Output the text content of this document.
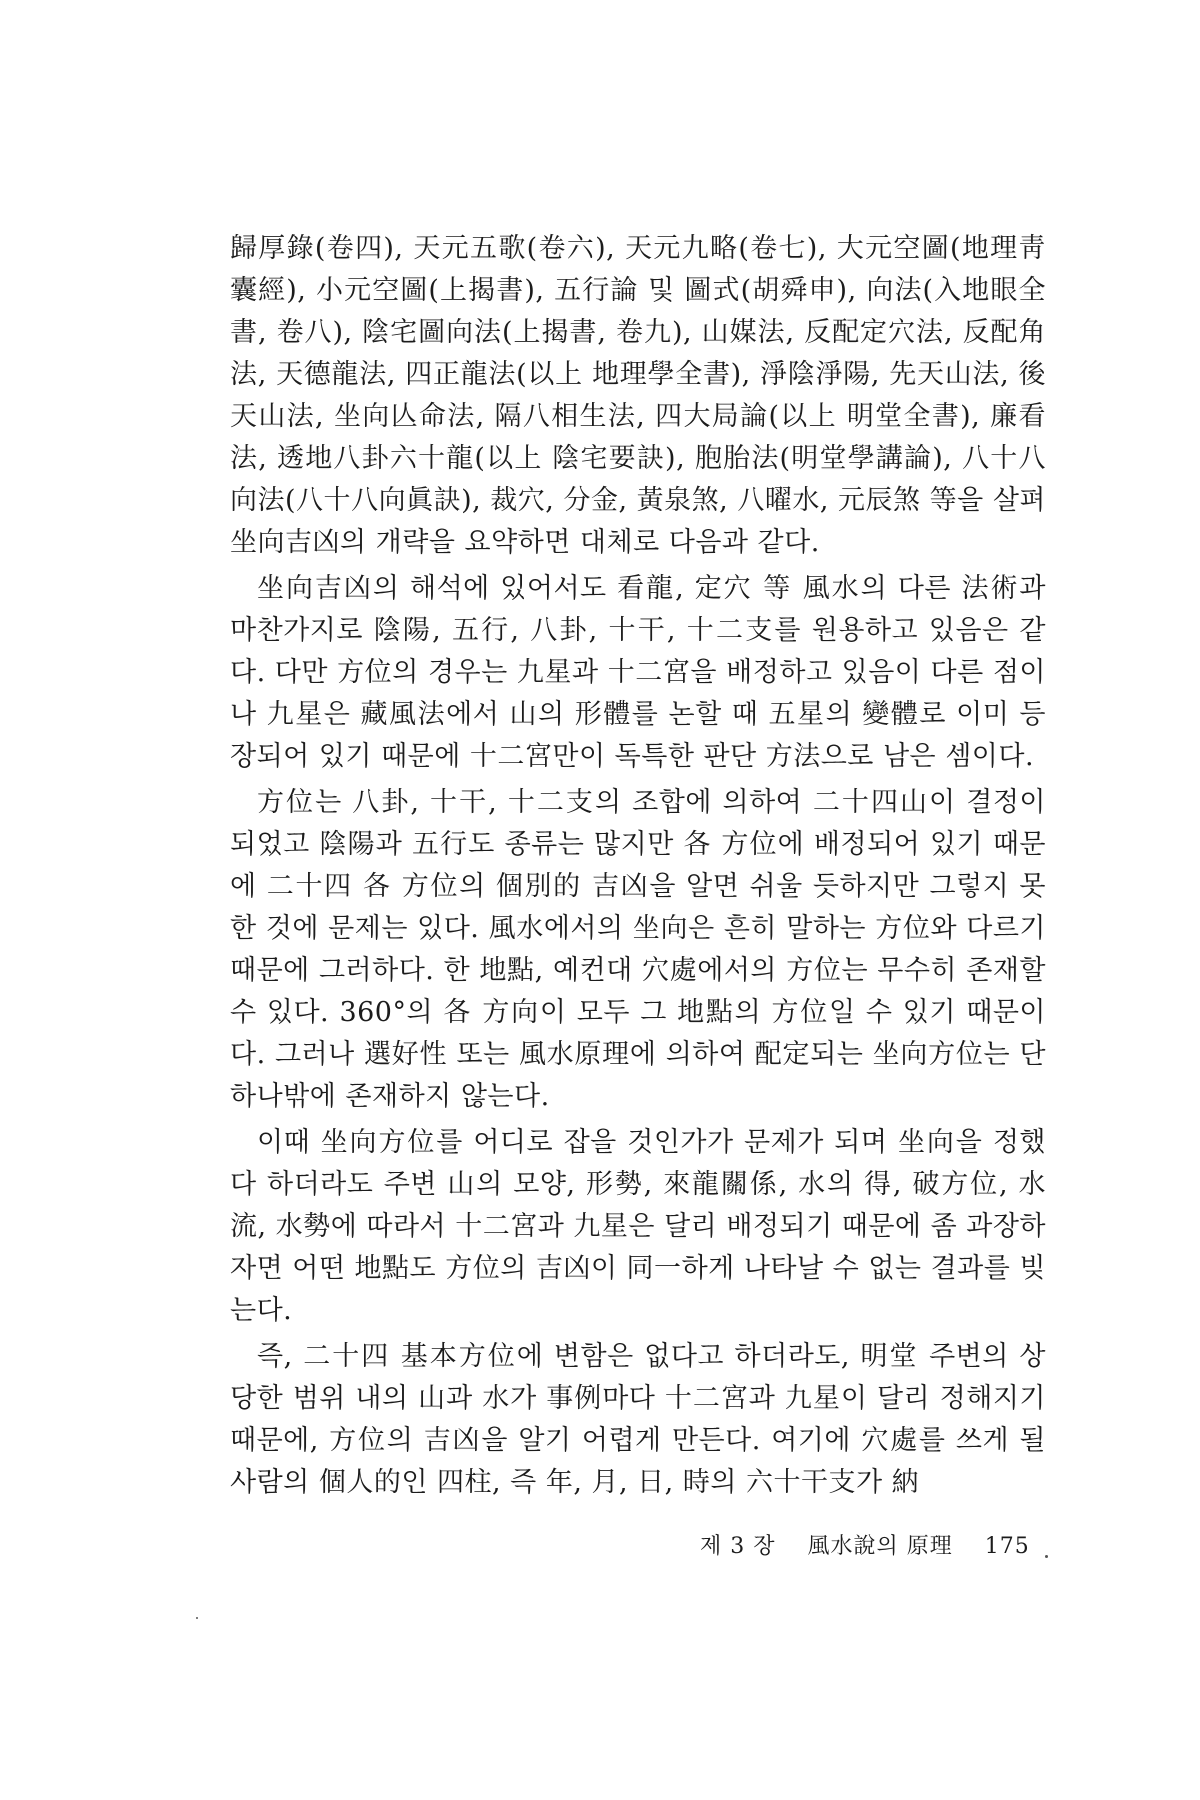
歸厚錄(卷四), 天元五歌(卷六), 天元九略(卷七), 大元空圖(地理靑囊經), 小元空圖(上揭書), 五行論 및 圖式(胡舜申), 向法(入地眼全書, 卷八), 陰宅圖向法(上揭書, 卷九), 山媒法, 反配定穴法, 反配角法, 天德龍法, 四正龍法(以上 地理學全書), 淨陰淨陽, 先天山法, 後天山法, 坐向亾命法, 隔八相生法, 四大局論(以上 明堂全書), 廉看法, 透地八卦六十龍(以上 陰宅要訣), 胞胎法(明堂學講論), 八十八向法(八十八向眞訣), 裁穴, 分金, 黃泉煞, 八曜水, 元辰煞 等을 살펴 坐向吉凶의 개략을 요약하면 대체로 다음과 같다.

坐向吉凶의 해석에 있어서도 看龍, 定穴 等 風水의 다른 法術과 마찬가지로 陰陽, 五行, 八卦, 十干, 十二支를 원용하고 있음은 같다. 다만 方位의 경우는 九星과 十二宮을 배정하고 있음이 다른 점이나 九星은 藏風法에서 山의 形體를 논할 때 五星의 變體로 이미 등장되어 있기 때문에 十二宮만이 독특한 판단 方法으로 남은 셈이다.

方位는 八卦, 十干, 十二支의 조합에 의하여 二十四山이 결정이 되었고 陰陽과 五行도 종류는 많지만 各 方位에 배정되어 있기 때문에 二十四 各 方位의 個別的 吉凶을 알면 쉬울 듯하지만 그렇지 못한 것에 문제는 있다. 風水에서의 坐向은 흔히 말하는 方位와 다르기 때문에 그러하다. 한 地點, 예컨대 穴處에서의 方位는 무수히 존재할 수 있다. 360°의 各 方向이 모두 그 地點의 方位일 수 있기 때문이다. 그러나 選好性 또는 風水原理에 의하여 配定되는 坐向方位는 단 하나밖에 존재하지 않는다.

이때 坐向方位를 어디로 잡을 것인가가 문제가 되며 坐向을 정했다 하더라도 주변 山의 모양, 形勢, 來龍關係, 水의 得, 破方位, 水流, 水勢에 따라서 十二宮과 九星은 달리 배정되기 때문에 좀 과장하자면 어떤 地點도 方位의 吉凶이 同一하게 나타날 수 없는 결과를 빚는다.

즉, 二十四 基本方位에 변함은 없다고 하더라도, 明堂 주변의 상당한 범위 내의 山과 水가 事例마다 十二宮과 九星이 달리 정해지기 때문에, 方位의 吉凶을 알기 어렵게 만든다. 여기에 穴處를 쓰게 될 사람의 個人的인 四柱, 즉 年, 月, 日, 時의 六十干支가 納

제 3 장 風水說의 原理 175
